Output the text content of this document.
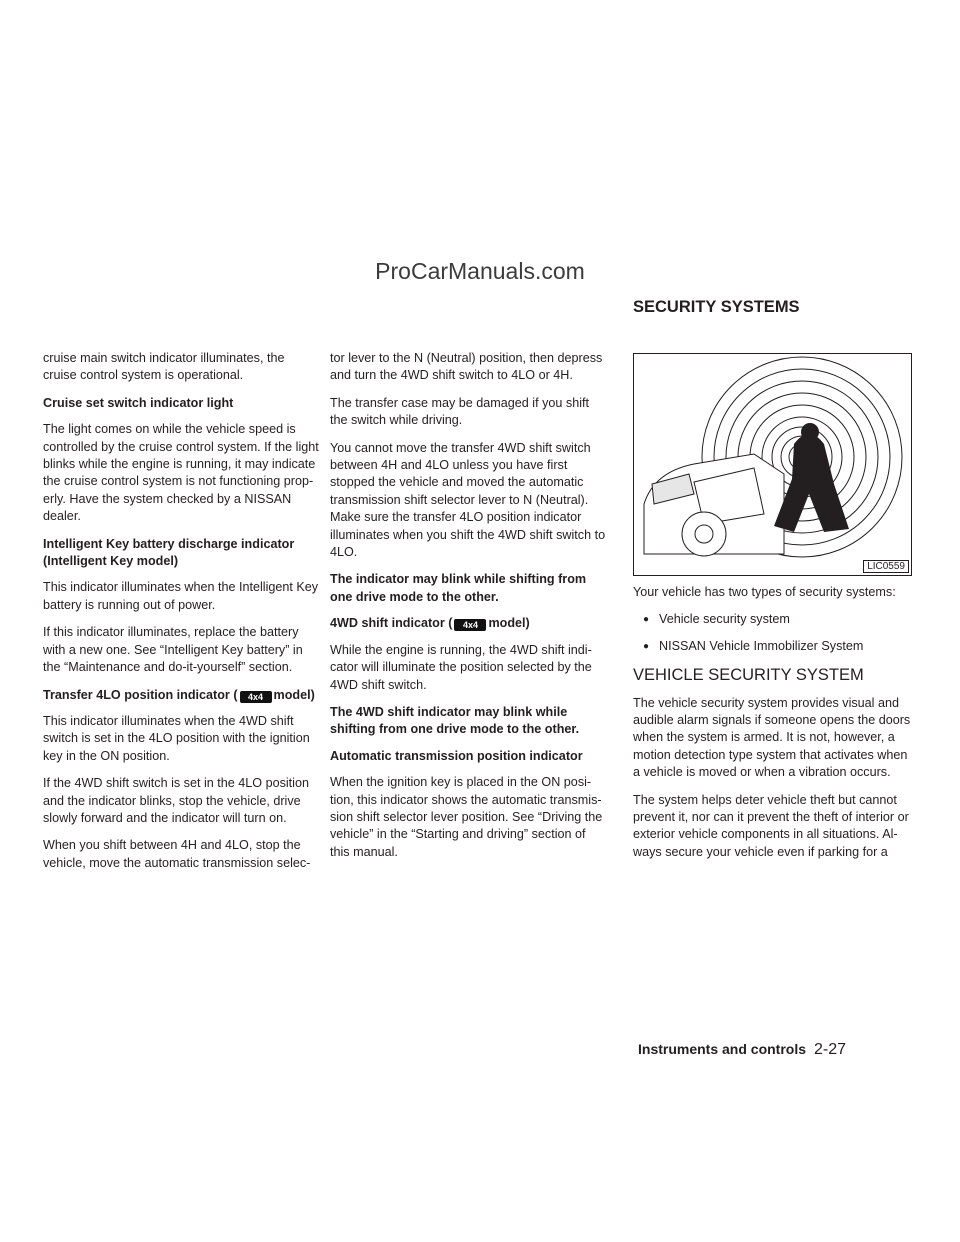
ProCarManuals.com
SECURITY SYSTEMS

cruise main switch indicator illuminates, the cruise control system is operational.

Cruise set switch indicator light

The light comes on while the vehicle speed is controlled by the cruise control system. If the light blinks while the engine is running, it may indicate the cruise control system is not functioning prop-erly. Have the system checked by a NISSAN dealer.

Intelligent Key battery discharge indicator (Intelligent Key model)

This indicator illuminates when the Intelligent Key battery is running out of power.

If this indicator illuminates, replace the battery with a new one. See “Intelligent Key battery” in the “Maintenance and do-it-yourself” section.

Transfer 4LO position indicator ( 4x4 model)

This indicator illuminates when the 4WD shift switch is set in the 4LO position with the ignition key in the ON position.

If the 4WD shift switch is set in the 4LO position and the indicator blinks, stop the vehicle, drive slowly forward and the indicator will turn on.

When you shift between 4H and 4LO, stop the vehicle, move the automatic transmission selec-

tor lever to the N (Neutral) position, then depress and turn the 4WD shift switch to 4LO or 4H.

The transfer case may be damaged if you shift the switch while driving.

You cannot move the transfer 4WD shift switch between 4H and 4LO unless you have first stopped the vehicle and moved the automatic transmission shift selector lever to N (Neutral). Make sure the transfer 4LO position indicator illuminates when you shift the 4WD shift switch to 4LO.

The indicator may blink while shifting from one drive mode to the other.

4WD shift indicator ( 4x4 model)

While the engine is running, the 4WD shift indi-cator will illuminate the position selected by the 4WD shift switch.

The 4WD shift indicator may blink while shifting from one drive mode to the other.

Automatic transmission position indicator

When the ignition key is placed in the ON posi-tion, this indicator shows the automatic transmis-sion shift selector lever position. See “Driving the vehicle” in the “Starting and driving” section of this manual.

LIC0559

Your vehicle has two types of security systems:

● Vehicle security system
● NISSAN Vehicle Immobilizer System
VEHICLE SECURITY SYSTEM

The vehicle security system provides visual and audible alarm signals if someone opens the doors when the system is armed. It is not, however, a motion detection type system that activates when a vehicle is moved or when a vibration occurs.

The system helps deter vehicle theft but cannot prevent it, nor can it prevent the theft of interior or exterior vehicle components in all situations. Al-ways secure your vehicle even if parking for a

Instruments and controls 2-27
